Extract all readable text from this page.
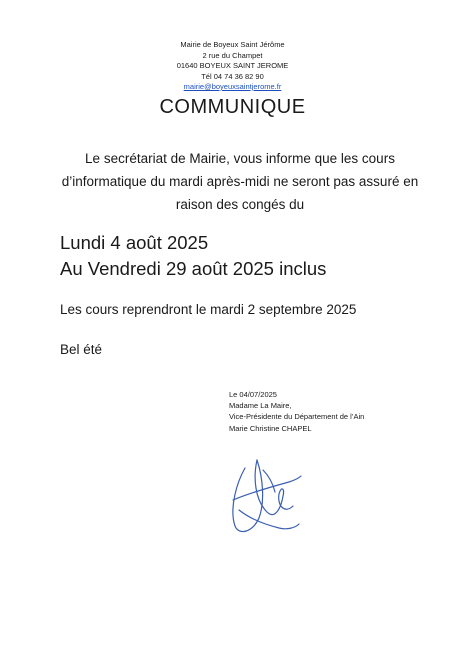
Mairie de Boyeux Saint Jérôme
2 rue du Champet
01640 BOYEUX SAINT JEROME
Tél 04 74 36 82 90
mairie@boyeuxsaintjerome.fr
COMMUNIQUE

Le secrétariat de Mairie, vous informe que les cours d’informatique du mardi après-midi ne seront pas assuré en raison des congés du

Lundi 4 août 2025
Au Vendredi 29 août 2025 inclus
Les cours reprendront le mardi 2 septembre 2025
Bel été
Le 04/07/2025
Madame La Maire,
Vice-Présidente du Département de l’Ain
Marie Christine CHAPEL
